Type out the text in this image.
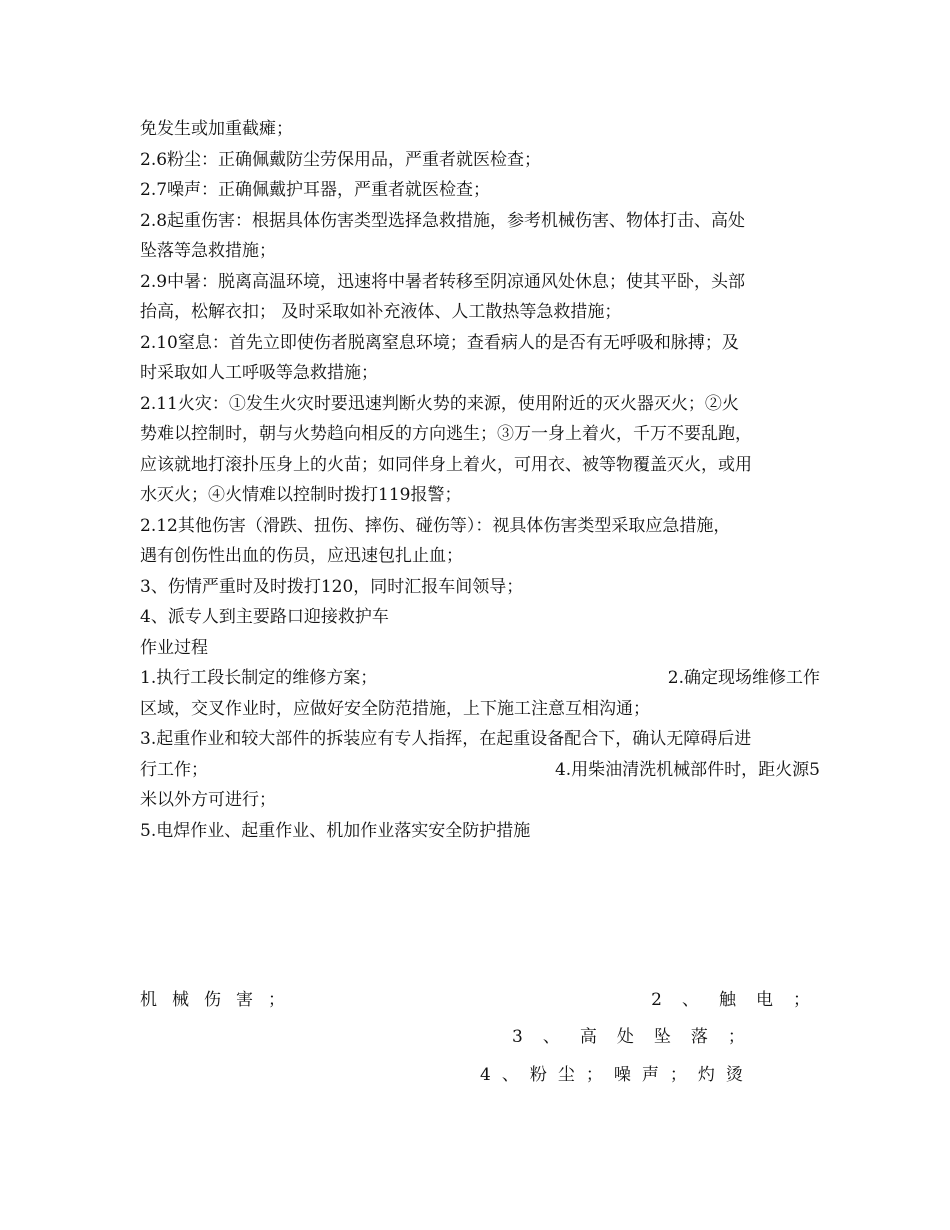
免发生或加重截瘫；
2.6粉尘：正确佩戴防尘劳保用品，严重者就医检查；
2.7噪声：正确佩戴护耳器，严重者就医检查；
2.8起重伤害：根据具体伤害类型选择急救措施，参考机械伤害、物体打击、高处
坠落等急救措施；
2.9中暑：脱离高温环境，迅速将中暑者转移至阴凉通风处休息；使其平卧，头部
抬高，松解衣扣； 及时采取如补充液体、人工散热等急救措施；
2.10窒息：首先立即使伤者脱离窒息环境；查看病人的是否有无呼吸和脉搏；及
时采取如人工呼吸等急救措施；
2.11火灾：①发生火灾时要迅速判断火势的来源，使用附近的灭火器灭火；②火
势难以控制时，朝与火势趋向相反的方向逃生；③万一身上着火，千万不要乱跑，
应该就地打滚扑压身上的火苗；如同伴身上着火，可用衣、被等物覆盖灭火，或用
水灭火；④火情难以控制时拨打119报警；
2.12其他伤害（滑跌、扭伤、摔伤、碰伤等）：视具体伤害类型采取应急措施，
遇有创伤性出血的伤员，应迅速包扎止血；
3、伤情严重时及时拨打120，同时汇报车间领导；
4、派专人到主要路口迎接救护车
作业过程
1.执行工段长制定的维修方案；	2.确定现场维修工作
区域，交叉作业时，应做好安全防范措施，上下施工注意互相沟通；
3.起重作业和较大部件的拆装应有专人指挥，在起重设备配合下，确认无障碍后进
行工作；	4.用柴油清洗机械部件时，距火源5
米以外方可进行；
5.电焊作业、起重作业、机加作业落实安全防护措施
机械伤害；	2、触电；
3、高处坠落；
4、粉尘；噪声；灼烫
